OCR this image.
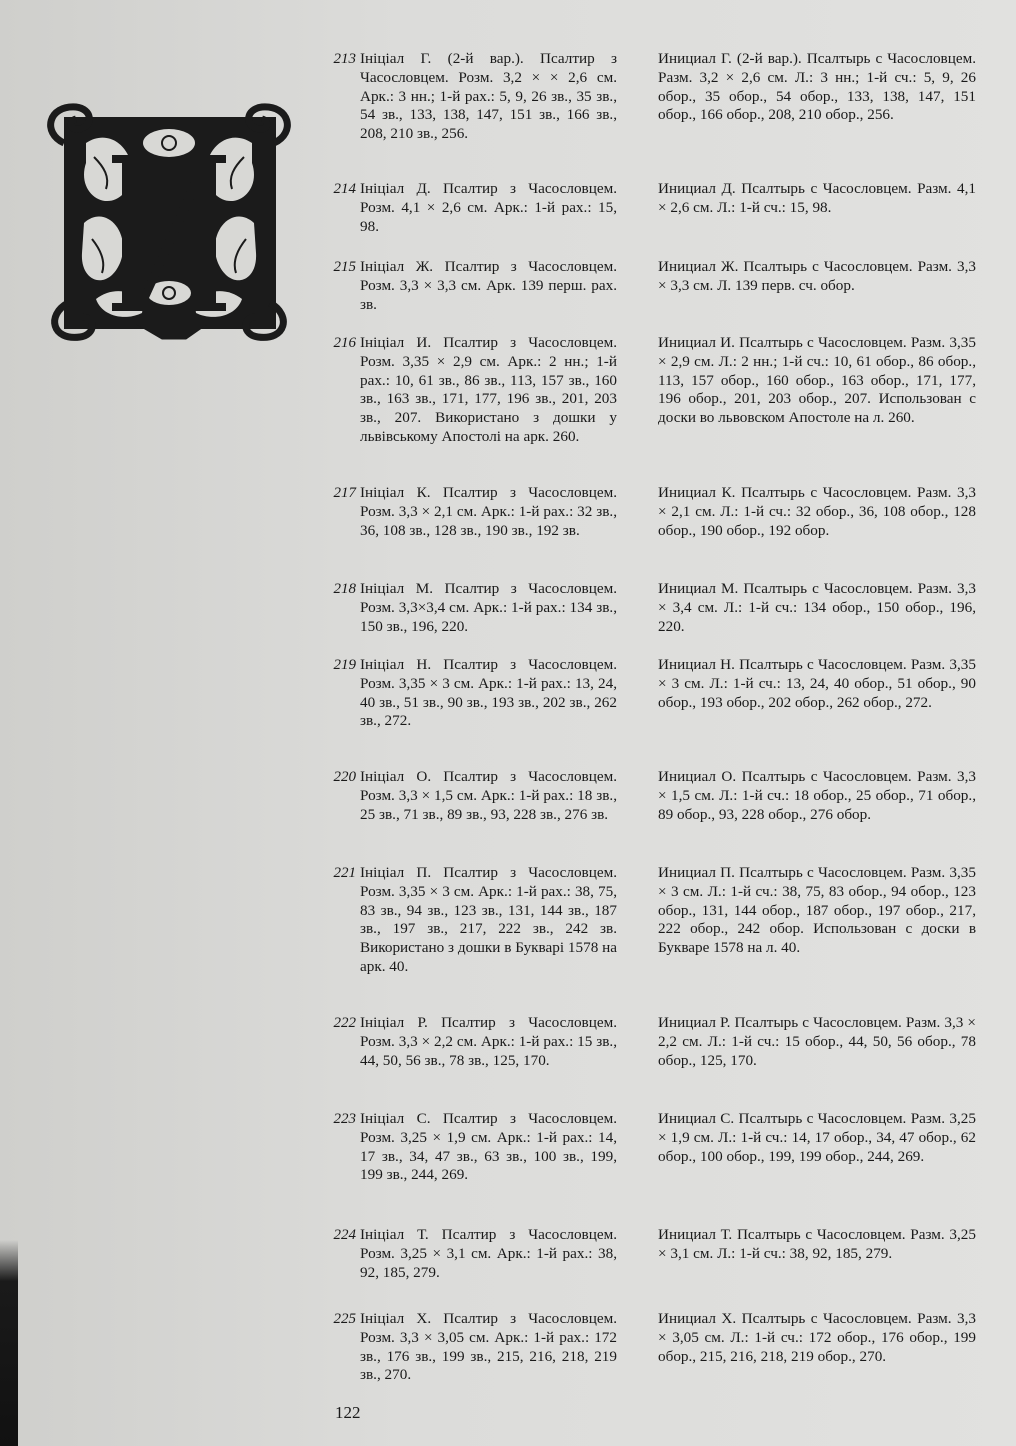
213 Ініціал Г. (2-й вар.). Псалтир з Часословцем. Розм. 3,2 × × 2,6 см. Арк.: 3 нн.; 1-й рах.: 5, 9, 26 зв., 35 зв., 54 зв., 133, 138, 147, 151 зв., 166 зв., 208, 210 зв., 256.
Инициал Г. (2-й вар.). Псалтырь с Часословцем. Разм. 3,2 × 2,6 см. Л.: 3 нн.; 1-й сч.: 5, 9, 26 обор., 35 обор., 54 обор., 133, 138, 147, 151 обор., 166 обор., 208, 210 обор., 256.
214 Ініціал Д. Псалтир з Часословцем. Розм. 4,1 × 2,6 см. Арк.: 1-й рах.: 15, 98.
Инициал Д. Псалтырь с Часословцем. Разм. 4,1 × 2,6 см. Л.: 1-й сч.: 15, 98.
215 Ініціал Ж. Псалтир з Часословцем. Розм. 3,3 × 3,3 см. Арк. 139 перш. рах. зв.
Инициал Ж. Псалтырь с Часословцем. Разм. 3,3 × 3,3 см. Л. 139 перв. сч. обор.
216 Ініціал И. Псалтир з Часословцем. Розм. 3,35 × 2,9 см. Арк.: 2 нн.; 1-й рах.: 10, 61 зв., 86 зв., 113, 157 зв., 160 зв., 163 зв., 171, 177, 196 зв., 201, 203 зв., 207. Використано з дошки у львівському Апостолі на арк. 260.
Инициал И. Псалтырь с Часословцем. Разм. 3,35 × 2,9 см. Л.: 2 нн.; 1-й сч.: 10, 61 обор., 86 обор., 113, 157 обор., 160 обор., 163 обор., 171, 177, 196 обор., 201, 203 обор., 207. Использован с доски во львовском Апостоле на л. 260.
217 Ініціал К. Псалтир з Часословцем. Розм. 3,3 × 2,1 см. Арк.: 1-й рах.: 32 зв., 36, 108 зв., 128 зв., 190 зв., 192 зв.
Инициал К. Псалтырь с Часословцем. Разм. 3,3 × 2,1 см. Л.: 1-й сч.: 32 обор., 36, 108 обор., 128 обор., 190 обор., 192 обор.
218 Ініціал М. Псалтир з Часословцем. Розм. 3,3×3,4 см. Арк.: 1-й рах.: 134 зв., 150 зв., 196, 220.
Инициал М. Псалтырь с Часословцем. Разм. 3,3 × 3,4 см. Л.: 1-й сч.: 134 обор., 150 обор., 196, 220.
219 Ініціал Н. Псалтир з Часословцем. Розм. 3,35 × 3 см. Арк.: 1-й рах.: 13, 24, 40 зв., 51 зв., 90 зв., 193 зв., 202 зв., 262 зв., 272.
Инициал Н. Псалтырь с Часословцем. Разм. 3,35 × 3 см. Л.: 1-й сч.: 13, 24, 40 обор., 51 обор., 90 обор., 193 обор., 202 обор., 262 обор., 272.
220 Ініціал О. Псалтир з Часословцем. Розм. 3,3 × 1,5 см. Арк.: 1-й рах.: 18 зв., 25 зв., 71 зв., 89 зв., 93, 228 зв., 276 зв.
Инициал О. Псалтырь с Часословцем. Разм. 3,3 × 1,5 см. Л.: 1-й сч.: 18 обор., 25 обор., 71 обор., 89 обор., 93, 228 обор., 276 обор.
221 Ініціал П. Псалтир з Часословцем. Розм. 3,35 × 3 см. Арк.: 1-й рах.: 38, 75, 83 зв., 94 зв., 123 зв., 131, 144 зв., 187 зв., 197 зв., 217, 222 зв., 242 зв. Використано з дошки в Букварі 1578 на арк. 40.
Инициал П. Псалтырь с Часословцем. Разм. 3,35 × 3 см. Л.: 1-й сч.: 38, 75, 83 обор., 94 обор., 123 обор., 131, 144 обор., 187 обор., 197 обор., 217, 222 обор., 242 обор. Использован с доски в Букваре 1578 на л. 40.
222 Ініціал Р. Псалтир з Часословцем. Розм. 3,3 × 2,2 см. Арк.: 1-й рах.: 15 зв., 44, 50, 56 зв., 78 зв., 125, 170.
Инициал Р. Псалтырь с Часословцем. Разм. 3,3 × 2,2 см. Л.: 1-й сч.: 15 обор., 44, 50, 56 обор., 78 обор., 125, 170.
223 Ініціал С. Псалтир з Часословцем. Розм. 3,25 × 1,9 см. Арк.: 1-й рах.: 14, 17 зв., 34, 47 зв., 63 зв., 100 зв., 199, 199 зв., 244, 269.
Инициал С. Псалтырь с Часословцем. Разм. 3,25 × 1,9 см. Л.: 1-й сч.: 14, 17 обор., 34, 47 обор., 62 обор., 100 обор., 199, 199 обор., 244, 269.
224 Ініціал Т. Псалтир з Часословцем. Розм. 3,25 × 3,1 см. Арк.: 1-й рах.: 38, 92, 185, 279.
Инициал Т. Псалтырь с Часословцем. Разм. 3,25 × 3,1 см. Л.: 1-й сч.: 38, 92, 185, 279.
225 Ініціал Х. Псалтир з Часословцем. Розм. 3,3 × 3,05 см. Арк.: 1-й рах.: 172 зв., 176 зв., 199 зв., 215, 216, 218, 219 зв., 270.
Инициал Х. Псалтырь с Часословцем. Разм. 3,3 × 3,05 см. Л.: 1-й сч.: 172 обор., 176 обор., 199 обор., 215, 216, 218, 219 обор., 270.
122
